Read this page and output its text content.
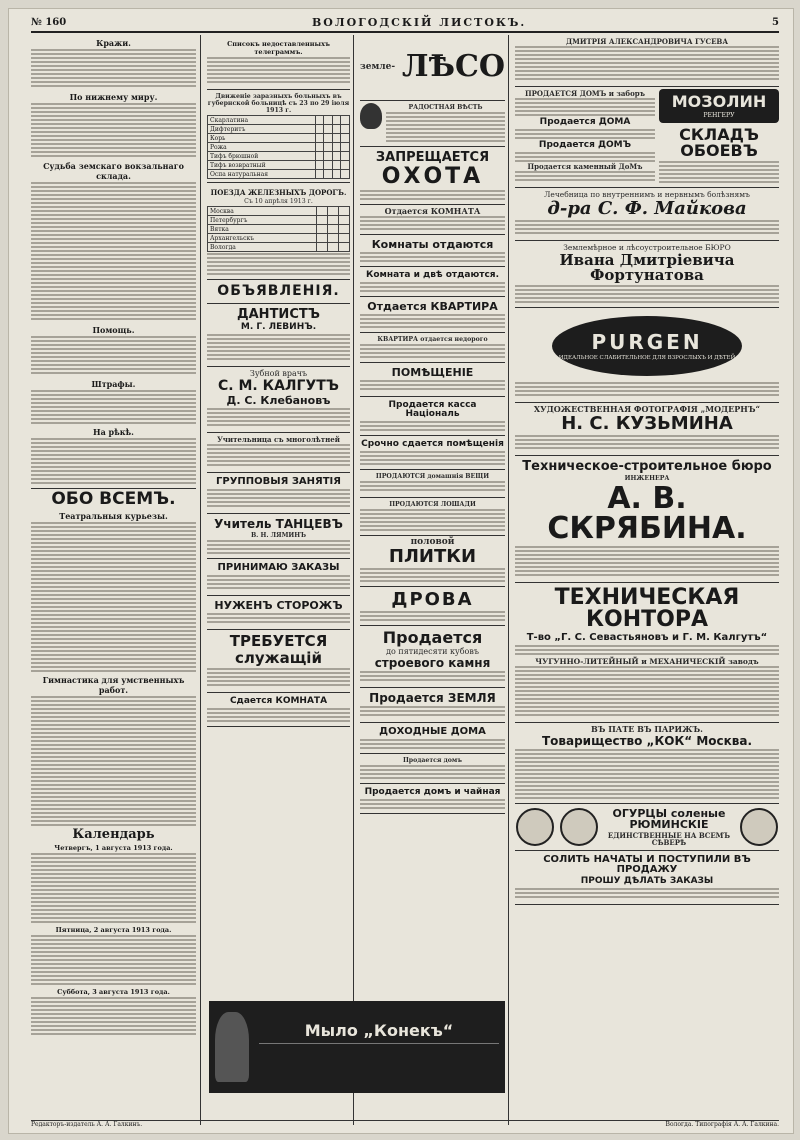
№ 160	ВОЛОГОДСКІЙ ЛИСТОКЪ.	5
Кражи.
По нижнему миру.
Судьба земскаго вокзальнаго склада.
Помощь.
Штрафы.
На рѣкѣ.
ОБО ВСЕМЪ.
Театральныя курьезы.
Гимнастика для умственныхъ работ.
Календарь
Четвергъ, 1 августа 1913 года.
Пятница, 2 августа 1913 года.
Суббота, 3 августа 1913 года.
Списокъ недоставленныхъ телеграммъ.
Движеніе заразныхъ больныхъ въ губернской больницѣ съ 23 по 29 іюля 1913 г.
Скарлатина				
Дифтеритъ				
Корь				
Рожа				
Тифъ брюшной				
Тифъ возвратный				
Оспа натуральная				
ПОЕЗДА ЖЕЛЕЗНЫХЪ ДОРОГЪ.
Съ 10 апрѣля 1913 г.
Москва			
Петербургъ			
Вятка			
Архангельскъ			
Вологда			
ОБЪЯВЛЕНІЯ.
ДАНТИСТЪ
М. Г. ЛЕВИНЪ.
Зубной врачъ
С. М. КАЛГУТЪ
Д. С. Клебановъ
Учительница съ многолѣтней
ГРУППОВЫЯ ЗАНЯТІЯ
Учитель ТАНЦЕВЪ
В. Н. ЛЯМИНЪ
ПРИНИМАЮ ЗАКАЗЫ
НУЖЕНЪ СТОРОЖЪ
ТРЕБУЕТСЯ
служащій
Сдается КОМНАТА
Мыло „Конекъ“
земле- ЛѢСО
РАДОСТНАЯ ВѢСТЬ
ЗАПРЕЩАЕТСЯ
ОХОТА
Отдается КОМНАТА
Комнаты отдаются
Комната и двѣ отдаются.
Отдается КВАРТИРА
КВАРТИРА отдается недорого
ПОМѢЩЕНІЕ
Продается касса Національ
Срочно сдается помѣщенія
ПРОДАЮТСЯ домашнія ВЕЩИ
ПРОДАЮТСЯ ЛОШАДИ
половой
ПЛИТКИ
ДРОВА
Продается
до пятидесяти кубовъ
строевого камня
Продается ЗЕМЛЯ
ДОХОДНЫЕ ДОМА
Продается домъ
Продается домъ и чайная
ДМИТРІЯ АЛЕКСАНДРОВИЧА ГУСЕВА
ПРОДАЕТСЯ ДОМЪ и заборъ
Продается ДОМА
Продается ДОМЪ
Продается каменный ДоМъ
МОЗОЛИН
РЕНГЕРУ
СКЛАДЪ ОБОЕВЪ
Лечебница по внутреннимъ и нервнымъ болѣзнямъ
д-ра С. Ф. Майкова
Землемѣрное и лѣсоустроительное БЮРО
Ивана Дмитріевича Фортунатова
PURGEN
ИДЕАЛЬНОЕ СЛАБИТЕЛЬНОЕ ДЛЯ ВЗРОСЛЫХЪ И ДѢТЕЙ
ХУДОЖЕСТВЕННАЯ ФОТОГРАФІЯ „МОДЕРНЪ“
Н. С. КУЗЬМИНА
Техническое-строительное бюро
ИНЖЕНЕРА
А. В. СКРЯБИНА.
ТЕХНИЧЕСКАЯ КОНТОРА
Т-во „Г. С. Севастьяновъ и Г. М. Калгутъ“
ЧУГУННО-ЛИТЕЙНЫЙ и МЕХАНИЧЕСКІЙ заводъ
ВЪ ПАТЕ ВЪ ПАРИЖЪ.
Товарищество „КОК“ Москва.
ОГУРЦЫ соленые РЮМИНСКІЕ
ЕДИНСТВЕННЫЕ НА ВСЕМЪ СѢВЕРѢ
СОЛИТЬ НАЧАТЫ И ПОСТУПИЛИ ВЪ ПРОДАЖУ
ПРОШУ ДѢЛАТЬ ЗАКАЗЫ
Редакторъ-издатель А. А. Галкинъ.	Вологда. Типографія А. А. Галкина.
